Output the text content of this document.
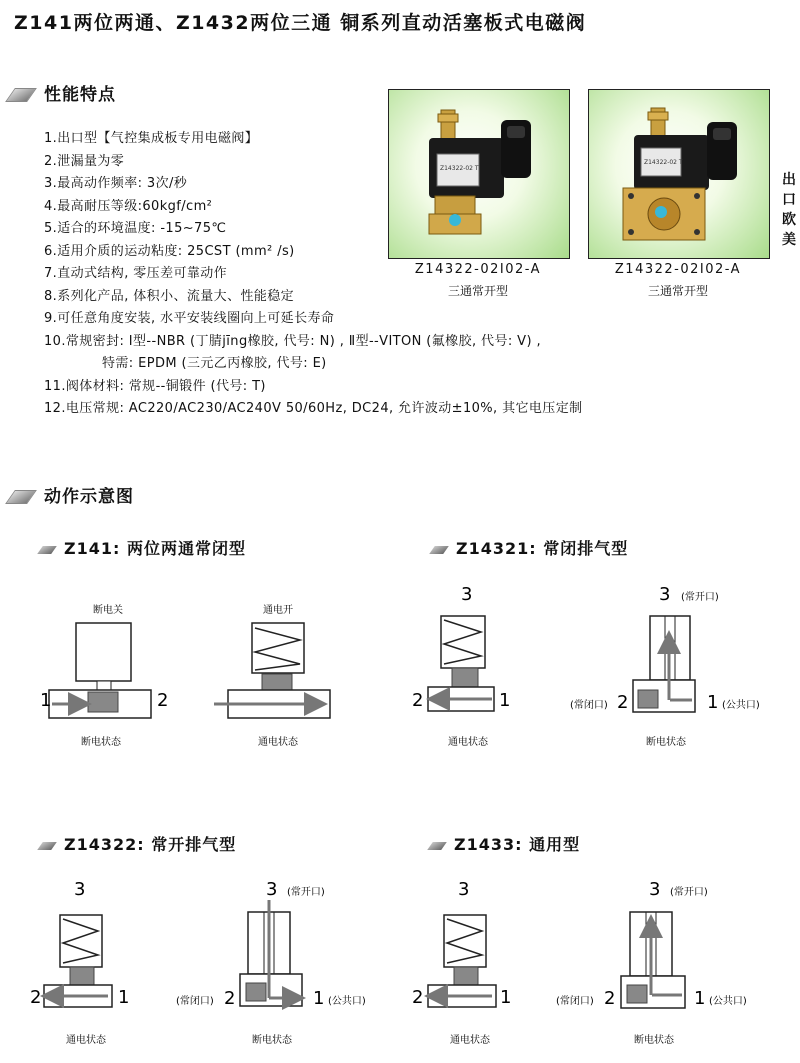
Z141两位两通、Z1432两位三通 铜系列直动活塞板式电磁阀
性能特点
1.出口型【气控集成板专用电磁阀】
2.泄漏量为零
3.最高动作频率: 3次/秒
4.最高耐压等级:60kgf/cm²
5.适合的环境温度: -15~75℃
6.适用介质的运动粘度: 25CST (mm² /s)
7.直动式结构, 零压差可靠动作
8.系列化产品, 体积小、流量大、性能稳定
9.可任意角度安装, 水平安装线圈向上可延长寿命
10.常规密封: Ⅰ型--NBR (丁腈jīng橡胶, 代号: N) , Ⅱ型--VITON (氟橡胶, 代号: V) ,
特需: EPDM (三元乙丙橡胶, 代号: E)
11.阀体材料: 常规--铜锻件 (代号: T)
12.电压常规: AC220/AC230/AC240V 50/60Hz, DC24, 允许波动±10%, 其它电压定制
Z14322-02 T
Z14322-02 T
Z14322-02Ⅰ02-A
三通常开型
Z14322-02Ⅰ02-A
三通常开型
出
口
欧
美
动作示意图
Z141: 两位两通常闭型	Z14321: 常闭排气型
Z14322: 常开排气型	Z1433: 通用型
断电关
1	2
断电状态
通电开
通电状态
3
2	1
通电状态
3 (常开口)
(常闭口) 2	1 (公共口)
断电状态
3
2	1
通电状态
3 (常开口)
(常闭口) 2	1 (公共口)
断电状态
3
2	1
通电状态
3 (常开口)
(常闭口) 2	1 (公共口)
断电状态
